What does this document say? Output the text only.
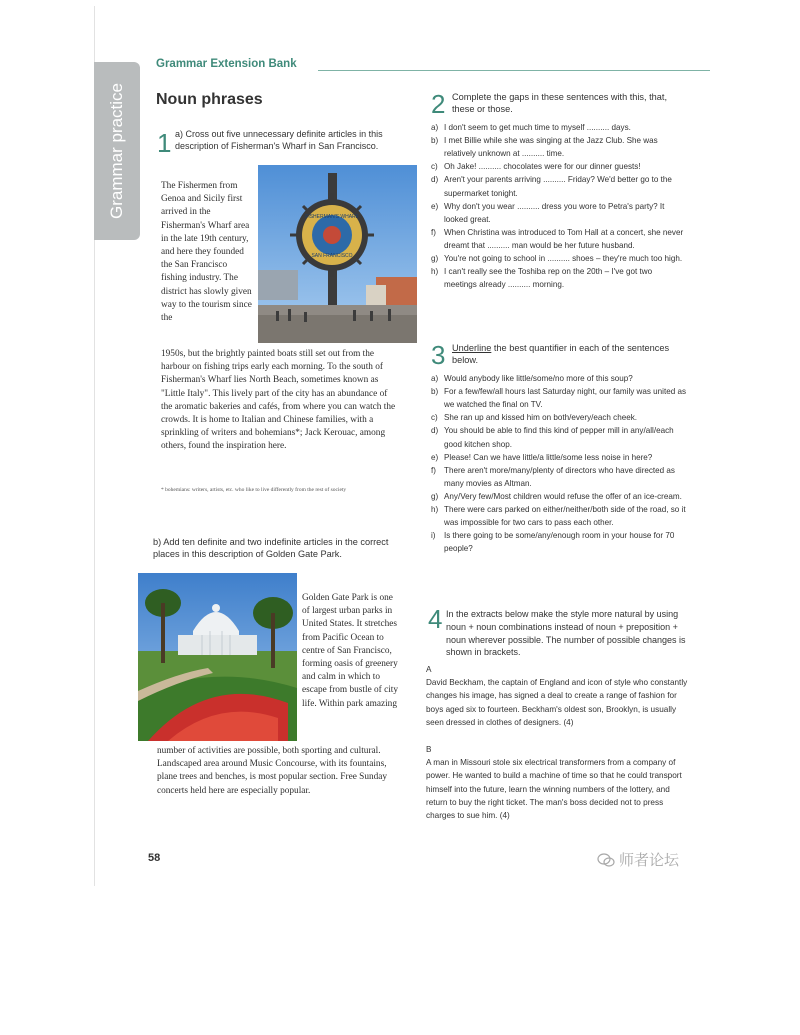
Grammar practice
Grammar Extension Bank
Noun phrases
1 a) Cross out five unnecessary definite articles in this description of Fisherman's Wharf in San Francisco.
FISHERMAN'S WHARF
SAN FRANCISCO
The Fishermen from Genoa and Sicily first arrived in the Fisherman's Wharf area in the late 19th century, and here they founded the San Francisco fishing industry. The district has slowly given way to the tourism since the
1950s, but the brightly painted boats still set out from the harbour on fishing trips early each morning. To the south of Fisherman's Wharf lies North Beach, sometimes known as "Little Italy". This lively part of the city has an abundance of the aromatic bakeries and cafés, from where you can watch the crowds. It is home to Italian and Chinese families, with a sprinkling of writers and bohemians*; Jack Kerouac, among others, found the inspiration here.
* bohemians: writers, artists, etc. who like to live differently from the rest of society
b) Add ten definite and two indefinite articles in the correct places in this description of Golden Gate Park.
Golden Gate Park is one of largest urban parks in United States. It stretches from Pacific Ocean to centre of San Francisco, forming oasis of greenery and calm in which to escape from bustle of city life. Within park amazing
number of activities are possible, both sporting and cultural. Landscaped area around Music Concourse, with its fountains, plane trees and benches, is most popular section. Free Sunday concerts held here are especially popular.
2 Complete the gaps in these sentences with this, that, these or those.
a) I don't seem to get much time to myself .......... days.
b) I met Billie while she was singing at the Jazz Club. She was relatively unknown at .......... time.
c) Oh Jake! .......... chocolates were for our dinner guests!
d) Aren't your parents arriving .......... Friday? We'd better go to the supermarket tonight.
e) Why don't you wear .......... dress you wore to Petra's party? It looked great.
f) When Christina was introduced to Tom Hall at a concert, she never dreamt that .......... man would be her future husband.
g) You're not going to school in .......... shoes – they're much too high.
h) I can't really see the Toshiba rep on the 20th – I've got two meetings already .......... morning.
3 Underline the best quantifier in each of the sentences below.
a) Would anybody like little/some/no more of this soup?
b) For a few/few/all hours last Saturday night, our family was united as we watched the final on TV.
c) She ran up and kissed him on both/every/each cheek.
d) You should be able to find this kind of pepper mill in any/all/each good kitchen shop.
e) Please! Can we have little/a little/some less noise in here?
f) There aren't more/many/plenty of directors who have directed as many movies as Altman.
g) Any/Very few/Most children would refuse the offer of an ice-cream.
h) There were cars parked on either/neither/both side of the road, so it was impossible for two cars to pass each other.
i)	Is there going to be some/any/enough room in your house for 70 people?
4 In the extracts below make the style more natural by using noun + noun combinations instead of noun + preposition + noun wherever possible. The number of possible changes is shown in brackets.
A
David Beckham, the captain of England and icon of style who constantly changes his image, has signed a deal to create a range of fashion for boys aged six to fourteen. Beckham's oldest son, Brooklyn, is usually seen dressed in clothes of designers. (4)
B
A man in Missouri stole six electrical transformers from a company of power. He wanted to build a machine of time so that he could transport himself into the future, learn the winning numbers of the lottery, and return to buy the right ticket. The man's boss decided not to press charges to sue him. (4)
58	师者论坛
